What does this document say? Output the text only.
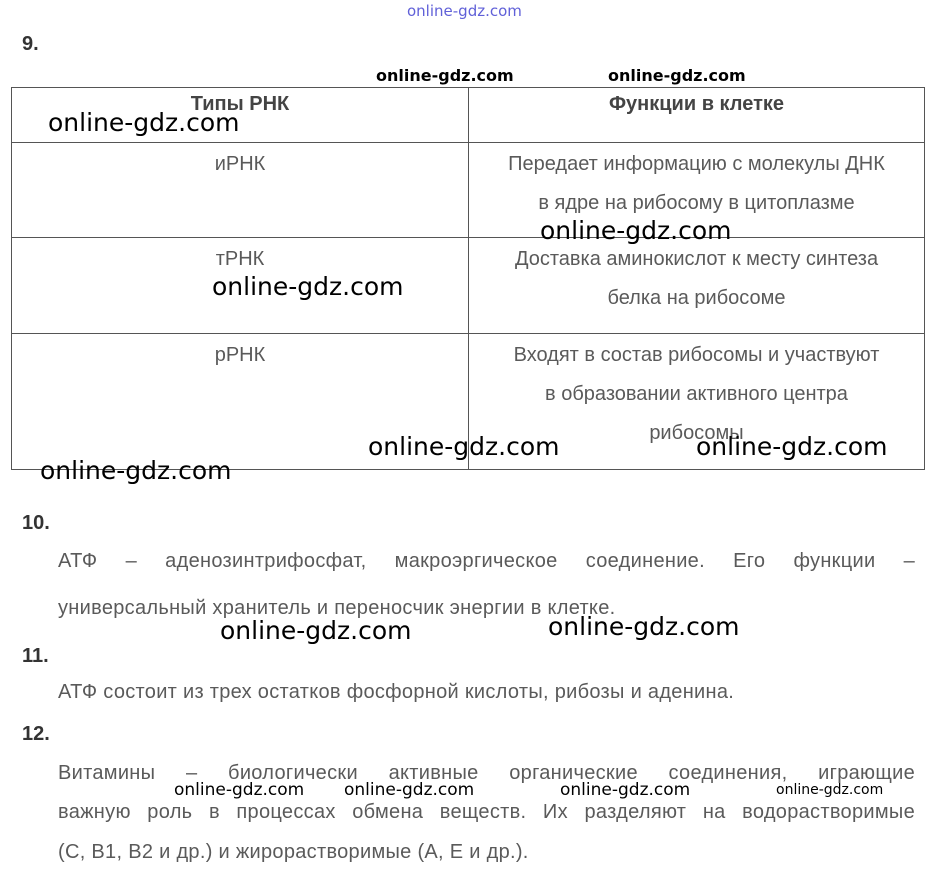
online-gdz.com
9.
Типы РНК	Функции в клетке
иРНК	Передает информацию с молекулы ДНК
в ядре на рибосому в цитоплазме

тРНК	Доставка аминокислот к месту синтеза
белка на рибосоме

рРНК	Входят в состав рибосомы и участвуют
в образовании активного центра
рибосомы
10.
АТФ – аденозинтрифосфат, макроэргическое соединение. Его функции –
универсальный хранитель и переносчик энергии в клетке.
11.
АТФ состоит из трех остатков фосфорной кислоты, рибозы и аденина.
12.
Витамины – биологически активные органические соединения, играющие
важную роль в процессах обмена веществ. Их разделяют на водорастворимые
(C, B1, B2 и др.) и жирорастворимые (A, E и др.).
online-gdz.com	online-gdz.com
online-gdz.com
online-gdz.com
online-gdz.com
online-gdz.com	online-gdz.com
online-gdz.com
online-gdz.com	online-gdz.com
online-gdz.com online-gdz.com	online-gdz.com	online-gdz.com
